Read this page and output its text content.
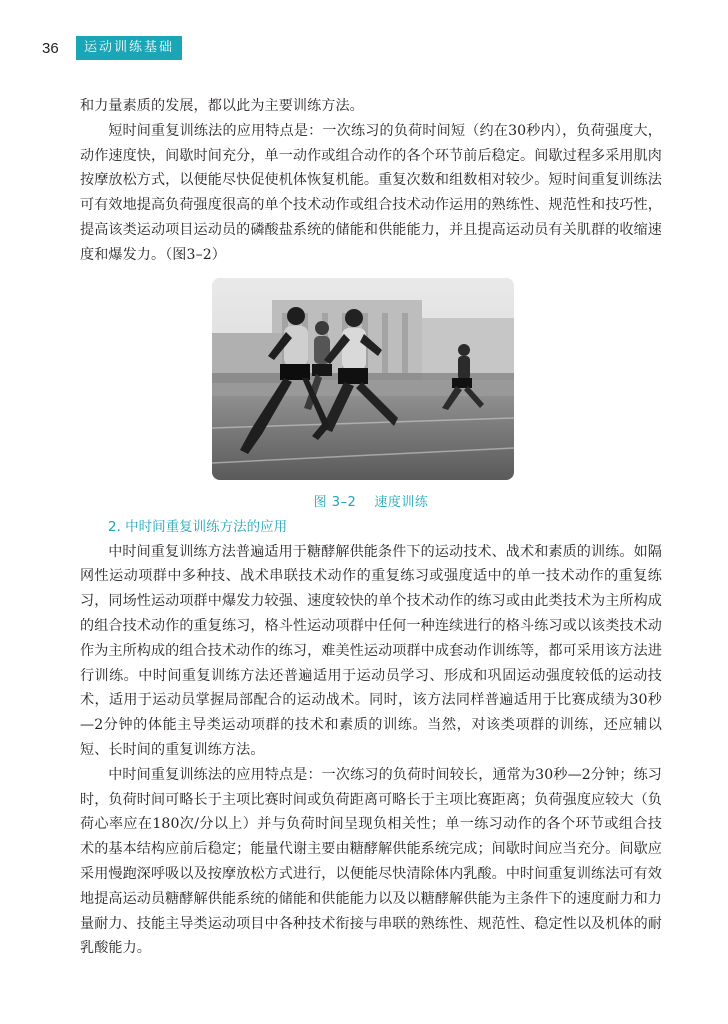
36	运动训练基础

和力量素质的发展，都以此为主要训练方法。

短时间重复训练法的应用特点是：一次练习的负荷时间短（约在30秒内），负荷强度大，动作速度快，间歇时间充分，单一动作或组合动作的各个环节前后稳定。间歇过程多采用肌肉按摩放松方式，以便能尽快促使机体恢复机能。重复次数和组数相对较少。短时间重复训练法可有效地提高负荷强度很高的单个技术动作或组合技术动作运用的熟练性、规范性和技巧性，提高该类运动项目运动员的磷酸盐系统的储能和供能能力，并且提高运动员有关肌群的收缩速度和爆发力。（图3–2）

图 3–2 速度训练
2. 中时间重复训练方法的应用

中时间重复训练方法普遍适用于糖酵解供能条件下的运动技术、战术和素质的训练。如隔网性运动项群中多种技、战术串联技术动作的重复练习或强度适中的单一技术动作的重复练习，同场性运动项群中爆发力较强、速度较快的单个技术动作的练习或由此类技术为主所构成的组合技术动作的重复练习，格斗性运动项群中任何一种连续进行的格斗练习或以该类技术动作为主所构成的组合技术动作的练习，难美性运动项群中成套动作训练等，都可采用该方法进行训练。中时间重复训练方法还普遍适用于运动员学习、形成和巩固运动强度较低的运动技术，适用于运动员掌握局部配合的运动战术。同时，该方法同样普遍适用于比赛成绩为30秒—2分钟的体能主导类运动项群的技术和素质的训练。当然，对该类项群的训练，还应辅以短、长时间的重复训练方法。

中时间重复训练法的应用特点是：一次练习的负荷时间较长，通常为30秒—2分钟；练习时，负荷时间可略长于主项比赛时间或负荷距离可略长于主项比赛距离；负荷强度应较大（负荷心率应在180次/分以上）并与负荷时间呈现负相关性；单一练习动作的各个环节或组合技术的基本结构应前后稳定；能量代谢主要由糖酵解供能系统完成；间歇时间应当充分。间歇应采用慢跑深呼吸以及按摩放松方式进行，以便能尽快清除体内乳酸。中时间重复训练法可有效地提高运动员糖酵解供能系统的储能和供能能力以及以糖酵解供能为主条件下的速度耐力和力量耐力、技能主导类运动项目中各种技术衔接与串联的熟练性、规范性、稳定性以及机体的耐乳酸能力。
